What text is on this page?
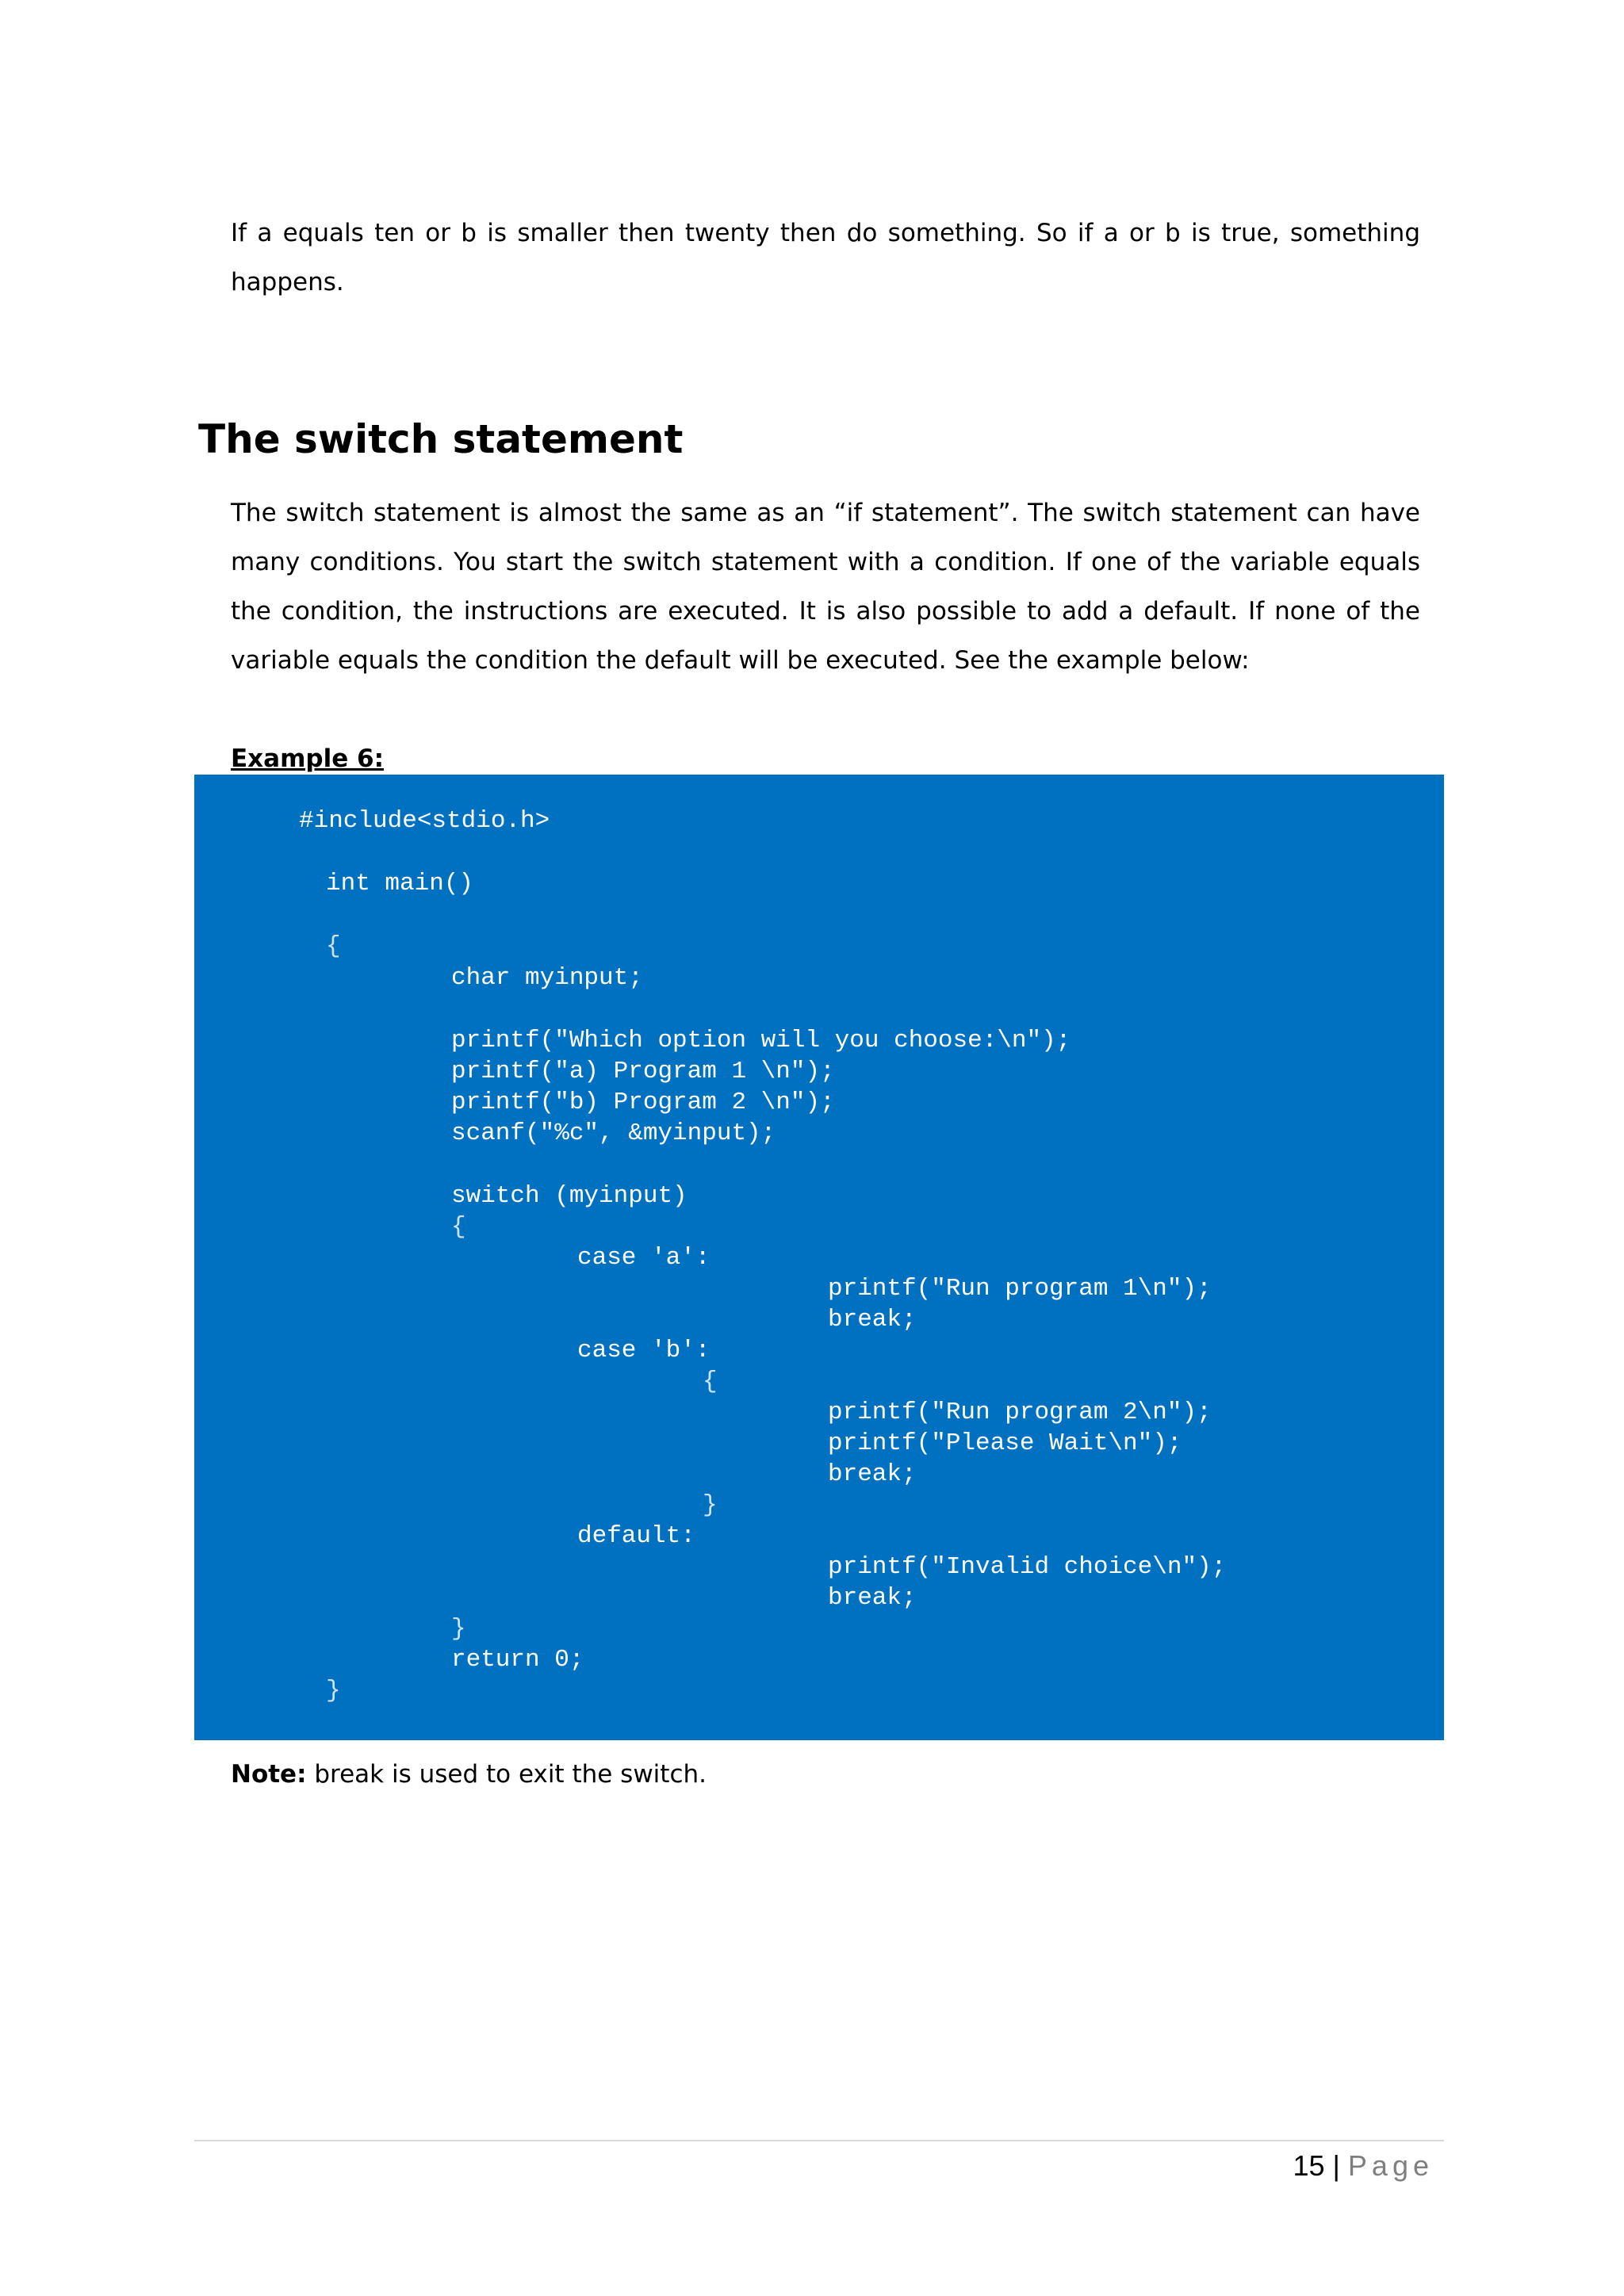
If a equals ten or b is smaller then twenty then do something. So if a or b is true, something happens.

The switch statement

The switch statement is almost the same as an “if statement”. The switch statement can have many conditions. You start the switch statement with a condition. If one of the variable equals the condition, the instructions are executed. It is also possible to add a default. If none of the variable equals the condition the default will be executed. See the example below:

Example 6:

#include<stdio.h>
int main()
{
char myinput;
printf("Which option will you choose:\n");
printf("a) Program 1 \n");
printf("b) Program 2 \n");
scanf("%c", &myinput);
switch (myinput)
{
case 'a':
printf("Run program 1\n");
break;
case 'b':
{
printf("Run program 2\n");
printf("Please Wait\n");
break;
}
default:
printf("Invalid choice\n");
break;
}
return 0;
}

Note: break is used to exit the switch.

15 | Page
